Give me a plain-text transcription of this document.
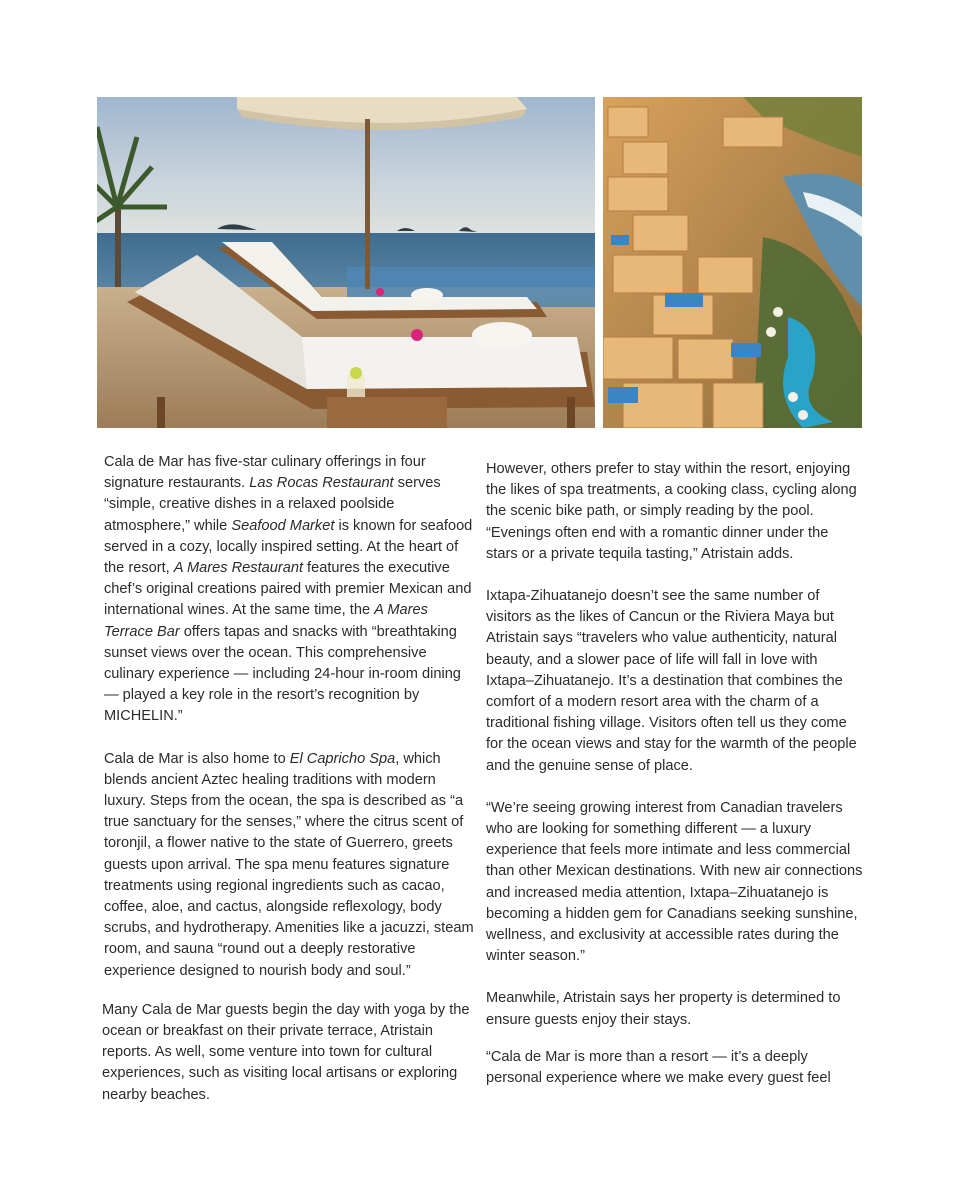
Cala de Mar has five-star culinary offerings in four signature restaurants. Las Rocas Restaurant serves “simple, creative dishes in a relaxed poolside atmosphere,” while Seafood Market is known for seafood served in a cozy, locally inspired setting. At the heart of the resort, A Mares Restaurant features the executive chef’s original creations paired with premier Mexican and international wines. At the same time, the A Mares Terrace Bar offers tapas and snacks with “breathtaking sunset views over the ocean. This comprehensive culinary experience — including 24-hour in-room dining — played a key role in the resort’s recognition by MICHELIN.”

Cala de Mar is also home to El Capricho Spa, which blends ancient Aztec healing traditions with modern luxury. Steps from the ocean, the spa is described as “a true sanctuary for the senses,” where the citrus scent of toronjil, a flower native to the state of Guerrero, greets guests upon arrival. The spa menu features signature treatments using regional ingredients such as cacao, coffee, aloe, and cactus, alongside reflexology, body scrubs, and hydrotherapy. Amenities like a jacuzzi, steam room, and sauna “round out a deeply restorative experience designed to nourish body and soul.”

Many Cala de Mar guests begin the day with yoga by the ocean or breakfast on their private terrace, Atristain reports. As well, some venture into town for cultural experiences, such as visiting local artisans or exploring nearby beaches.

However, others prefer to stay within the resort, enjoying the likes of spa treatments, a cooking class, cycling along the scenic bike path, or simply reading by the pool. “Evenings often end with a romantic dinner under the stars or a private tequila tasting,” Atristain adds.

Ixtapa-Zihuatanejo doesn’t see the same number of visitors as the likes of Cancun or the Riviera Maya but Atristain says “travelers who value authenticity, natural beauty, and a slower pace of life will fall in love with Ixtapa–Zihuatanejo. It’s a destination that combines the comfort of a modern resort area with the charm of a traditional fishing village. Visitors often tell us they come for the ocean views and stay for the warmth of the people and the genuine sense of place.

“We’re seeing growing interest from Canadian travelers who are looking for something different — a luxury experience that feels more intimate and less commercial than other Mexican destinations. With new air connections and increased media attention, Ixtapa–Zihuatanejo is becoming a hidden gem for Canadians seeking sunshine, wellness, and exclusivity at accessible rates during the winter season.”

Meanwhile, Atristain says her property is determined to ensure guests enjoy their stays.

“Cala de Mar is more than a resort — it’s a deeply personal experience where we make every guest feel
